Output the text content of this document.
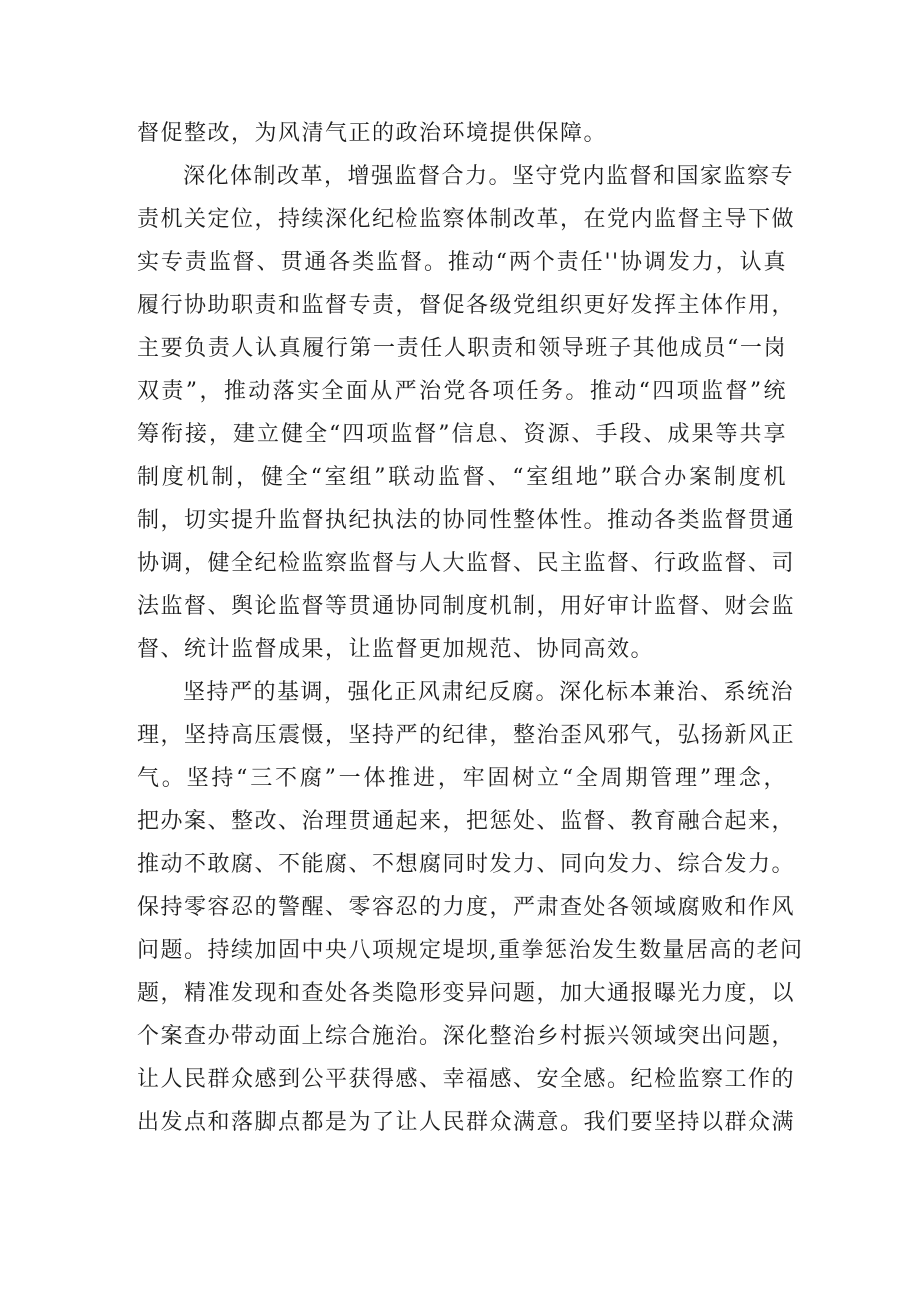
督促整改，为风清气正的政治环境提供保障。
深化体制改革，增强监督合力。坚守党内监督和国家监察专
责机关定位，持续深化纪检监察体制改革，在党内监督主导下做
实专责监督、贯通各类监督。推动“两个责任''协调发力，认真
履行协助职责和监督专责，督促各级党组织更好发挥主体作用，
主要负责人认真履行第一责任人职责和领导班子其他成员“一岗
双责”，推动落实全面从严治党各项任务。推动“四项监督”统
筹衔接，建立健全“四项监督”信息、资源、手段、成果等共享
制度机制，健全“室组”联动监督、“室组地”联合办案制度机
制，切实提升监督执纪执法的协同性整体性。推动各类监督贯通
协调，健全纪检监察监督与人大监督、民主监督、行政监督、司
法监督、舆论监督等贯通协同制度机制，用好审计监督、财会监
督、统计监督成果，让监督更加规范、协同高效。
坚持严的基调，强化正风肃纪反腐。深化标本兼治、系统治
理，坚持高压震慑，坚持严的纪律，整治歪风邪气，弘扬新风正
气。坚持“三不腐”一体推进，牢固树立“全周期管理”理念，
把办案、整改、治理贯通起来，把惩处、监督、教育融合起来，
推动不敢腐、不能腐、不想腐同时发力、同向发力、综合发力。
保持零容忍的警醒、零容忍的力度，严肃查处各领域腐败和作风
问题。持续加固中央八项规定堤坝,重拳惩治发生数量居高的老问
题，精准发现和查处各类隐形变异问题，加大通报曝光力度，以
个案查办带动面上综合施治。深化整治乡村振兴领域突出问题，
让人民群众感到公平获得感、幸福感、安全感。纪检监察工作的
出发点和落脚点都是为了让人民群众满意。我们要坚持以群众满
